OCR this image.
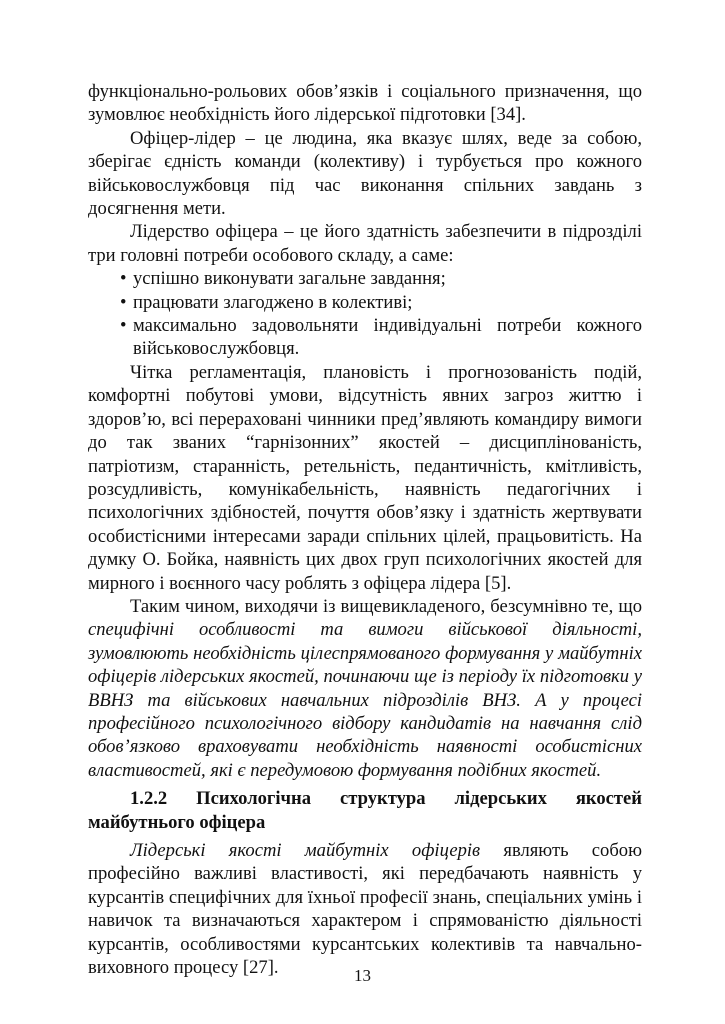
функціонально-рольових обов’язків і соціального призначення, що зумовлює необхідність його лідерської підготовки [34].

Офіцер-лідер – це людина, яка вказує шлях, веде за собою, зберігає єдність команди (колективу) і турбується про кожного військовослужбовця під час виконання спільних завдань з досягнення мети.

Лідерство офіцера – це його здатність забезпечити в підрозділі три головні потреби особового складу, а саме:

• успішно виконувати загальне завдання;
• працювати злагоджено в колективі;
• максимально задовольняти індивідуальні потреби кожного військовослужбовця.

Чітка регламентація, плановість і прогнозованість подій, комфортні побутові умови, відсутність явних загроз життю і здоров’ю, всі перераховані чинники пред’являють командиру вимоги до так званих “гарнізонних” якостей – дисциплінованість, патріотизм, старанність, ретельність, педантичність, кмітливість, розсудливість, комунікабельність, наявність педагогічних і психологічних здібностей, почуття обов’язку і здатність жертвувати особистісними інтересами заради спільних цілей, працьовитість. На думку О. Бойка, наявність цих двох груп психологічних якостей для мирного і воєнного часу роблять з офіцера лідера [5].

Таким чином, виходячи із вищевикладеного, безсумнівно те, що специфічні особливості та вимоги військової діяльності, зумовлюють необхідність цілеспрямованого формування у майбутніх офіцерів лідерських якостей, починаючи ще із періоду їх підготовки у ВВНЗ та військових навчальних підрозділів ВНЗ. А у процесі професійного психологічного відбору кандидатів на навчання слід обов’язково враховувати необхідність наявності особистісних властивостей, які є передумовою формування подібних якостей.

1.2.2 Психологічна структура лідерських якостей майбутнього офіцера

Лідерські якості майбутніх офіцерів являють собою професійно важливі властивості, які передбачають наявність у курсантів специфічних для їхньої професії знань, спеціальних умінь і навичок та визначаються характером і спрямованістю діяльності курсантів, особливостями курсантських колективів та навчально-виховного процесу [27].	13
